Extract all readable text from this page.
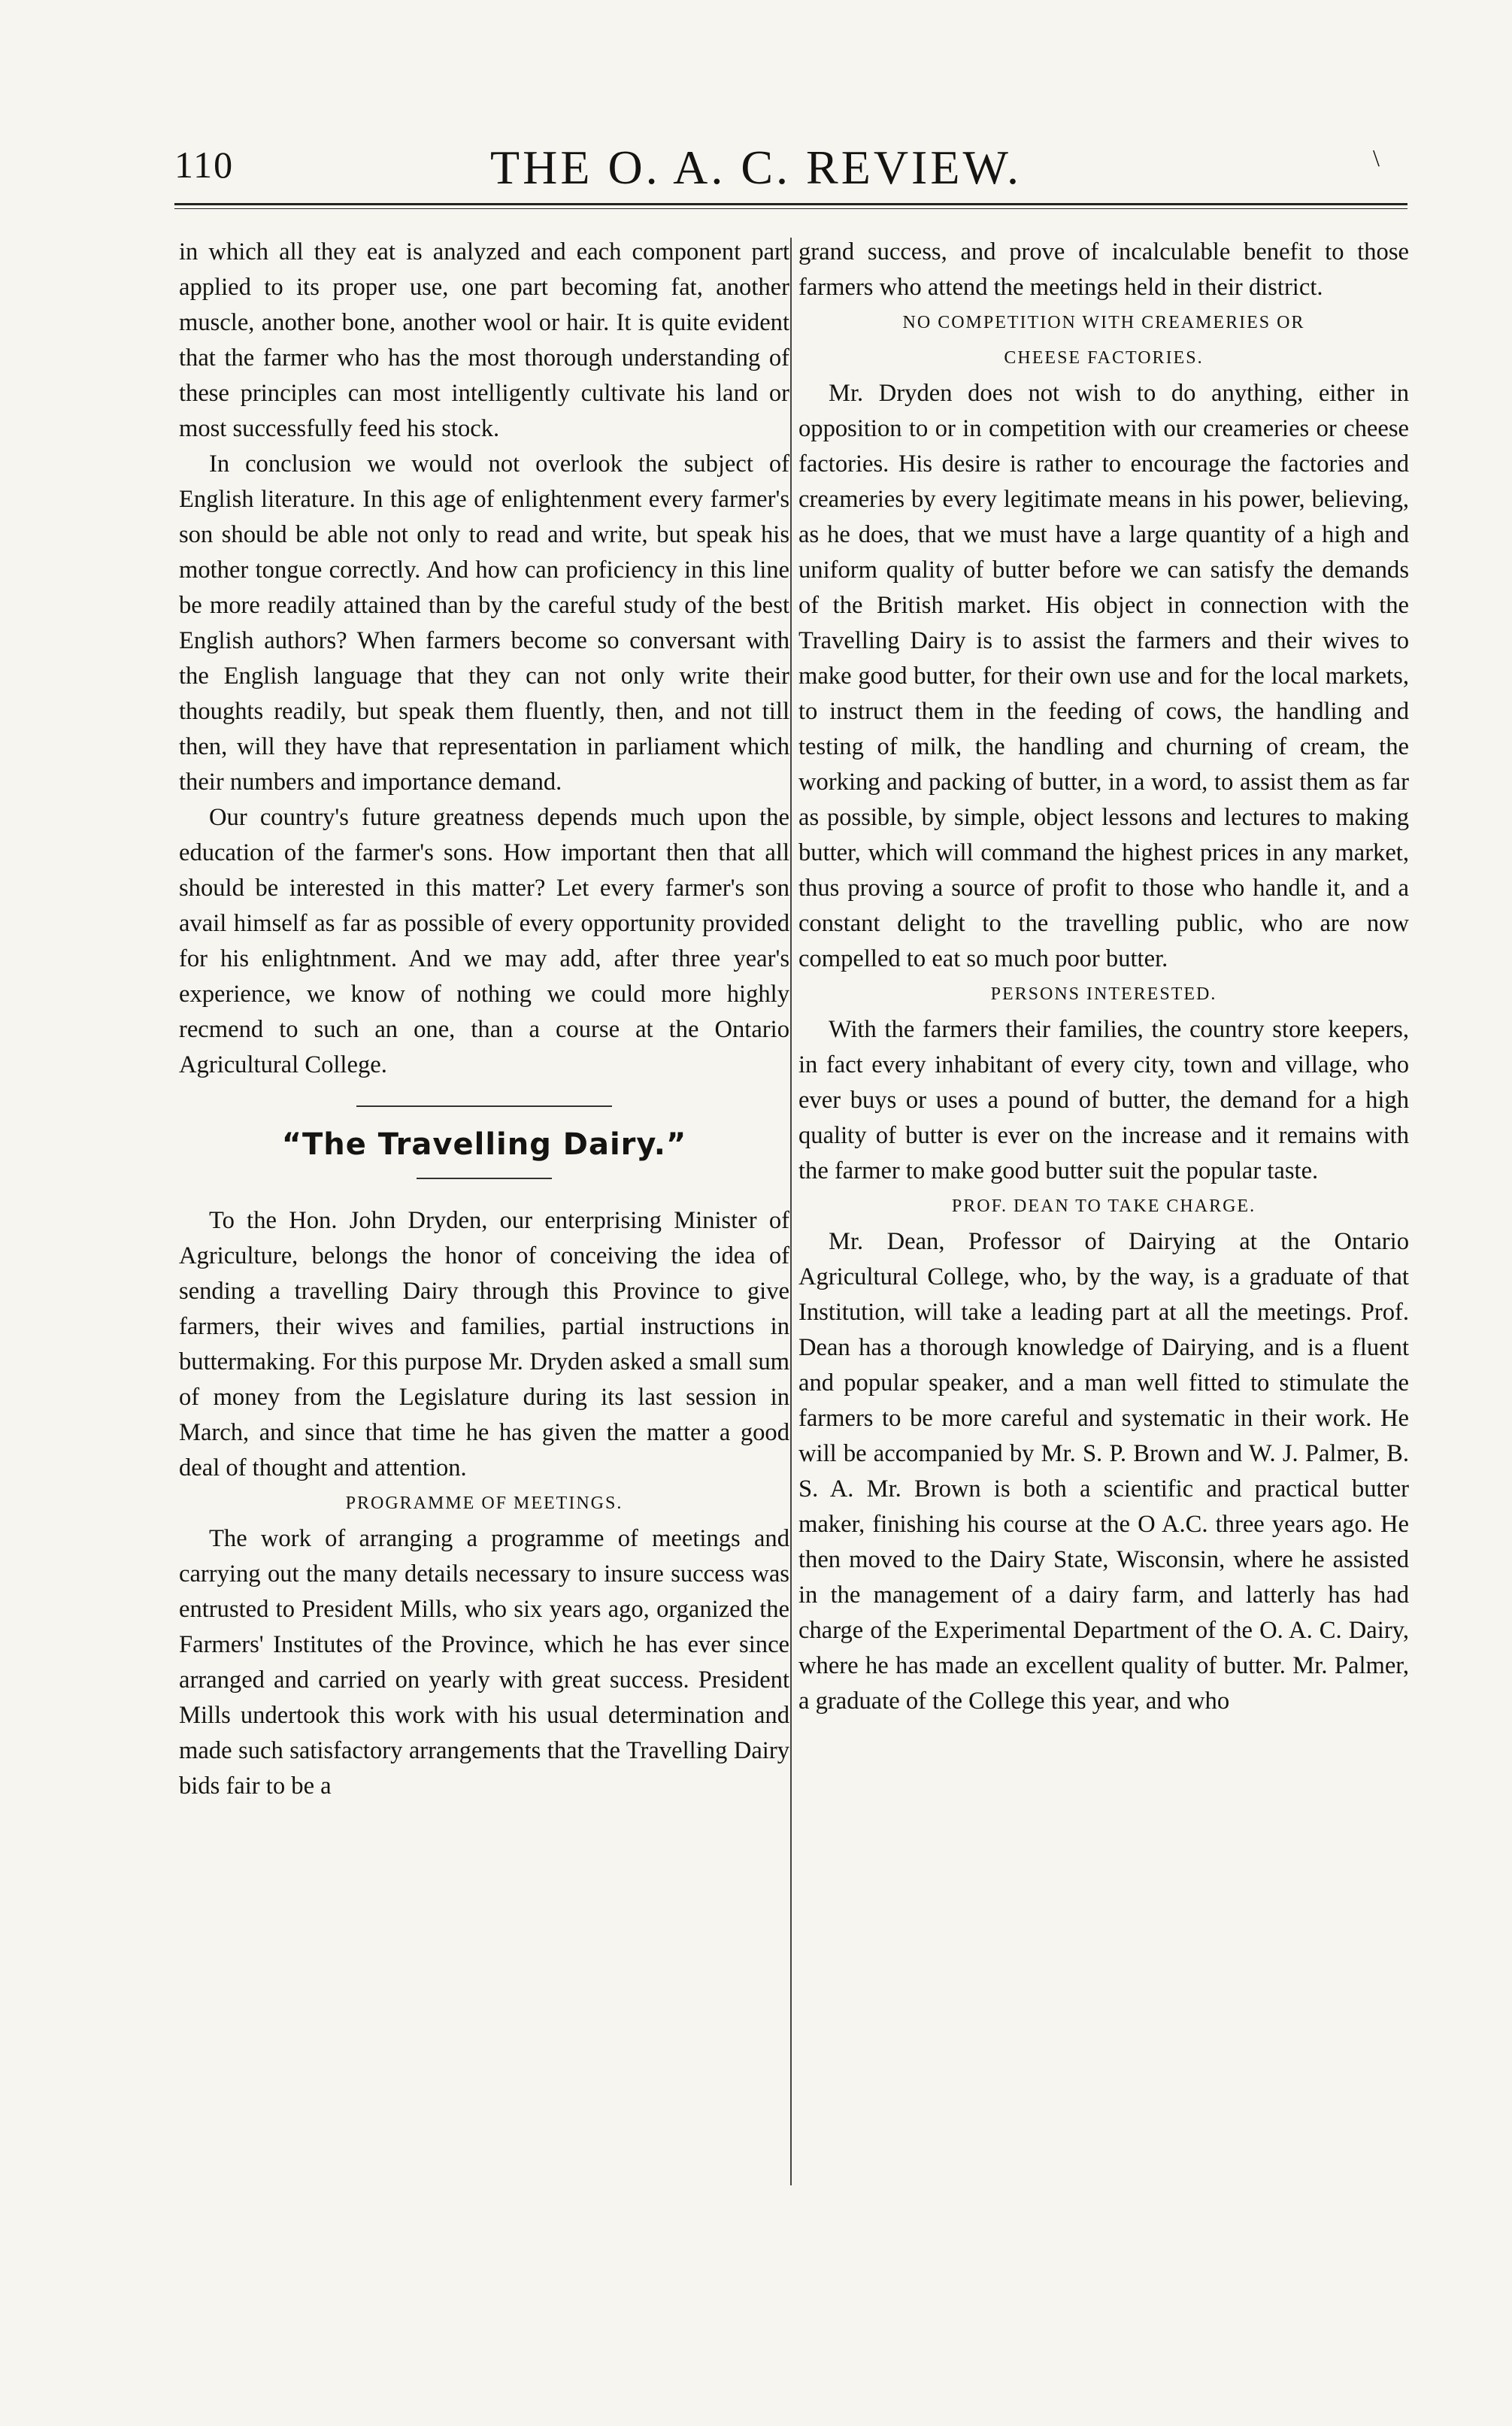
110	THE O. A. C. REVIEW.	\

in which all they eat is analyzed and each component part applied to its proper use, one part becoming fat, another muscle, another bone, another wool or hair. It is quite evident that the farmer who has the most thorough understanding of these principles can most intelligently cultivate his land or most successfully feed his stock.

In conclusion we would not overlook the subject of English literature. In this age of enlightenment every farmer's son should be able not only to read and write, but speak his mother tongue correctly. And how can proficiency in this line be more readily attained than by the careful study of the best English authors? When farmers become so conversant with the English language that they can not only write their thoughts readily, but speak them fluently, then, and not till then, will they have that representation in parliament which their numbers and importance demand.

Our country's future greatness depends much upon the education of the farmer's sons. How important then that all should be interested in this matter? Let every farmer's son avail himself as far as possible of every opportunity provided for his enlightnment. And we may add, after three year's experience, we know of nothing we could more highly recmend to such an one, than a course at the Ontario Agricultural College.

“The Travelling Dairy.”

To the Hon. John Dryden, our enterprising Minister of Agriculture, belongs the honor of conceiving the idea of sending a travelling Dairy through this Province to give farmers, their wives and families, partial instructions in buttermaking. For this purpose Mr. Dryden asked a small sum of money from the Legislature during its last session in March, and since that time he has given the matter a good deal of thought and attention.

PROGRAMME OF MEETINGS.

The work of arranging a programme of meetings and carrying out the many details necessary to insure success was entrusted to President Mills, who six years ago, organized the Farmers' Institutes of the Province, which he has ever since arranged and carried on yearly with great success. President Mills undertook this work with his usual determination and made such satisfactory arrangements that the Travelling Dairy bids fair to be a

grand success, and prove of incalculable benefit to those farmers who attend the meetings held in their district.

NO COMPETITION WITH CREAMERIES OR

CHEESE FACTORIES.

Mr. Dryden does not wish to do anything, either in opposition to or in competition with our creameries or cheese factories. His desire is rather to encourage the factories and creameries by every legitimate means in his power, believing, as he does, that we must have a large quantity of a high and uniform quality of butter before we can satisfy the demands of the British market. His object in connection with the Travelling Dairy is to assist the farmers and their wives to make good butter, for their own use and for the local markets, to instruct them in the feeding of cows, the handling and testing of milk, the handling and churning of cream, the working and packing of butter, in a word, to assist them as far as possible, by simple, object lessons and lectures to making butter, which will command the highest prices in any market, thus proving a source of profit to those who handle it, and a constant delight to the travelling public, who are now compelled to eat so much poor butter.

PERSONS INTERESTED.

With the farmers their families, the country store keepers, in fact every inhabitant of every city, town and village, who ever buys or uses a pound of butter, the demand for a high quality of butter is ever on the increase and it remains with the farmer to make good butter suit the popular taste.

PROF. DEAN TO TAKE CHARGE.

Mr. Dean, Professor of Dairying at the Ontario Agricultural College, who, by the way, is a graduate of that Institution, will take a leading part at all the meetings. Prof. Dean has a thorough knowledge of Dairying, and is a fluent and popular speaker, and a man well fitted to stimulate the farmers to be more careful and systematic in their work. He will be accompanied by Mr. S. P. Brown and W. J. Palmer, B. S. A. Mr. Brown is both a scientific and practical butter maker, finishing his course at the O A.C. three years ago. He then moved to the Dairy State, Wisconsin, where he assisted in the management of a dairy farm, and latterly has had charge of the Experimental Department of the O. A. C. Dairy, where he has made an excellent quality of butter. Mr. Palmer, a graduate of the College this year, and who
